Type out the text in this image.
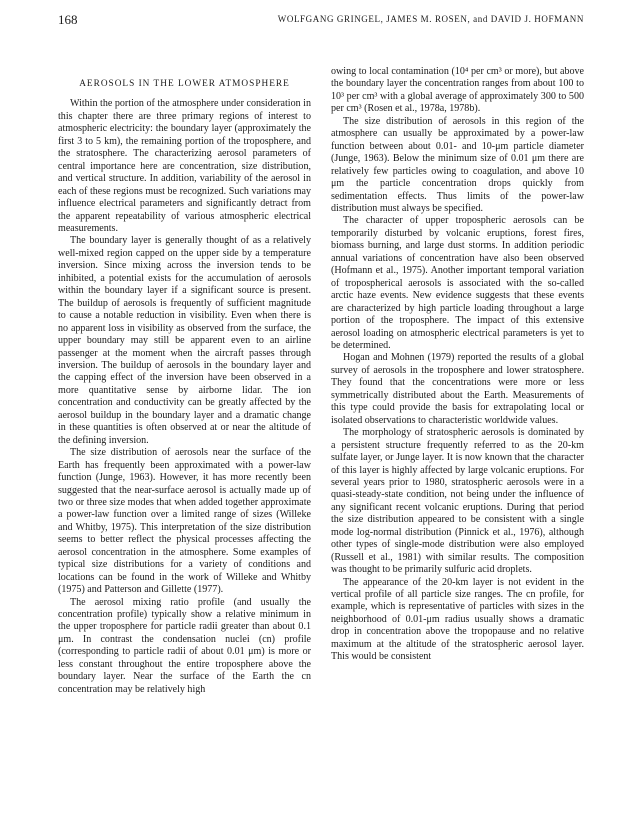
168	WOLFGANG GRINGEL, JAMES M. ROSEN, and DAVID J. HOFMANN
AEROSOLS IN THE LOWER ATMOSPHERE

Within the portion of the atmosphere under consideration in this chapter there are three primary regions of interest to atmospheric electricity: the boundary layer (approximately the first 3 to 5 km), the remaining portion of the troposphere, and the stratosphere. The characterizing aerosol parameters of central importance here are concentration, size distribution, and vertical structure. In addition, variability of the aerosol in each of these regions must be recognized. Such variations may influence electrical parameters and significantly detract from the apparent repeatability of various atmospheric electrical measurements.

The boundary layer is generally thought of as a relatively well-mixed region capped on the upper side by a temperature inversion. Since mixing across the inversion tends to be inhibited, a potential exists for the accumulation of aerosols within the boundary layer if a significant source is present. The buildup of aerosols is frequently of sufficient magnitude to cause a notable reduction in visibility. Even when there is no apparent loss in visibility as observed from the surface, the upper boundary may still be apparent even to an airline passenger at the moment when the aircraft passes through inversion. The buildup of aerosols in the boundary layer and the capping effect of the inversion have been observed in a more quantitative sense by airborne lidar. The ion concentration and conductivity can be greatly affected by the aerosol buildup in the boundary layer and a dramatic change in these quantities is often observed at or near the altitude of the defining inversion.

The size distribution of aerosols near the surface of the Earth has frequently been approximated with a power-law function (Junge, 1963). However, it has more recently been suggested that the near-surface aerosol is actually made up of two or three size modes that when added together approximate a power-law function over a limited range of sizes (Willeke and Whitby, 1975). This interpretation of the size distribution seems to better reflect the physical processes affecting the aerosol concentration in the atmosphere. Some examples of typical size distributions for a variety of conditions and locations can be found in the work of Willeke and Whitby (1975) and Patterson and Gillette (1977).

The aerosol mixing ratio profile (and usually the concentration profile) typically show a relative minimum in the upper troposphere for particle radii greater than about 0.1 μm. In contrast the condensation nuclei (cn) profile (corresponding to particle radii of about 0.01 μm) is more or less constant throughout the entire troposphere above the boundary layer. Near the surface of the Earth the cn concentration may be relatively high

owing to local contamination (10⁴ per cm³ or more), but above the boundary layer the concentration ranges from about 100 to 10³ per cm³ with a global average of approximately 300 to 500 per cm³ (Rosen et al., 1978a, 1978b).

The size distribution of aerosols in this region of the atmosphere can usually be approximated by a power-law function between about 0.01- and 10-μm particle diameter (Junge, 1963). Below the minimum size of 0.01 μm there are relatively few particles owing to coagulation, and above 10 μm the particle concentration drops quickly from sedimentation effects. Thus limits of the power-law distribution must always be specified.

The character of upper tropospheric aerosols can be temporarily disturbed by volcanic eruptions, forest fires, biomass burning, and large dust storms. In addition periodic annual variations of concentration have also been observed (Hofmann et al., 1975). Another important temporal variation of tropospherical aerosols is associated with the so-called arctic haze events. New evidence suggests that these events are characterized by high particle loading throughout a large portion of the troposphere. The impact of this extensive aerosol loading on atmospheric electrical parameters is yet to be determined.

Hogan and Mohnen (1979) reported the results of a global survey of aerosols in the troposphere and lower stratosphere. They found that the concentrations were more or less symmetrically distributed about the Earth. Measurements of this type could provide the basis for extrapolating local or isolated observations to characteristic worldwide values.

The morphology of stratospheric aerosols is dominated by a persistent structure frequently referred to as the 20-km sulfate layer, or Junge layer. It is now known that the character of this layer is highly affected by large volcanic eruptions. For several years prior to 1980, stratospheric aerosols were in a quasi-steady-state condition, not being under the influence of any significant recent volcanic eruptions. During that period the size distribution appeared to be consistent with a single mode log-normal distribution (Pinnick et al., 1976), although other types of single-mode distribution were also employed (Russell et al., 1981) with similar results. The composition was thought to be primarily sulfuric acid droplets.

The appearance of the 20-km layer is not evident in the vertical profile of all particle size ranges. The cn profile, for example, which is representative of particles with sizes in the neighborhood of 0.01-μm radius usually shows a dramatic drop in concentration above the tropopause and no relative maximum at the altitude of the stratospheric aerosol layer. This would be consistent
